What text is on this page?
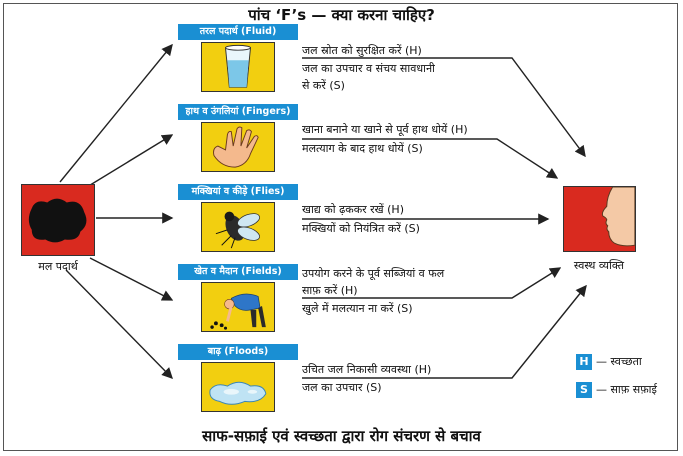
पांच ‘F’s — क्या करना चाहिए?
मल पदार्थ	स्वस्थ व्यक्ति
तरल पदार्थ (Fluid)
जल स्रोत को सुरक्षित करें (H)
जल का उपचार व संचय सावधानी
से करें (S)
हाथ व उंगलियां (Fingers)
खाना बनाने या खाने से पूर्व हाथ धोयें (H)
मलत्याग के बाद हाथ धोयें (S)
मक्खियां व कीड़े (Flies)
खाद्य को ढ़ककर रखें (H)
मक्खियों को नियंत्रित करें (S)
खेत व मैदान (Fields)	उपयोग करने के पूर्व सब्जियां व फल
साफ़ करें (H)
खुले में मलत्यान ना करें (S)
बाढ़ (Floods)
उचित जल निकासी व्यवस्था (H)
जल का उपचार (S)
H — स्वच्छता
S — साफ़ सफ़ाई
साफ-सफ़ाई एवं स्वच्छता द्वारा रोग संचरण से बचाव
